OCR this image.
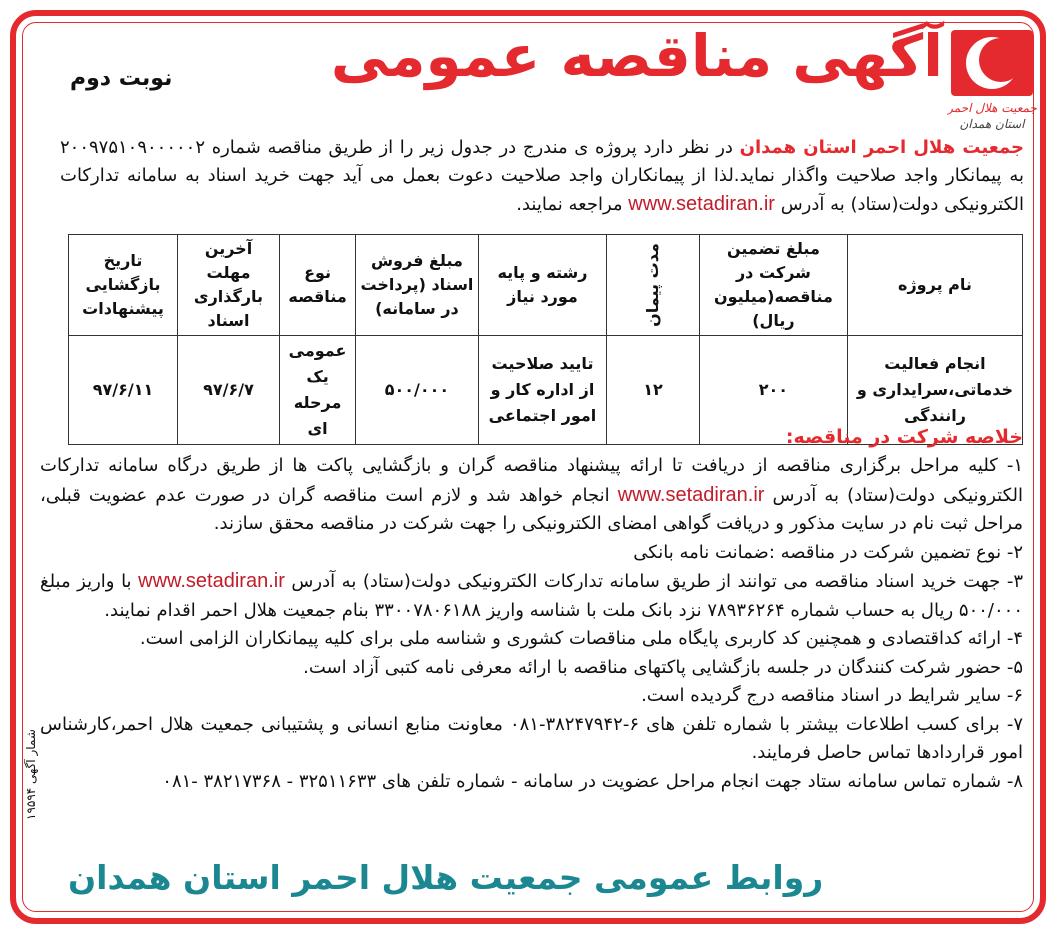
جمعیت هلال احمر
استان همدان
آگهی مناقصه عمومی
نوبت دوم
جمعیت هلال احمر استان همدان در نظر دارد پروژه ی مندرج در جدول زیر را از طریق مناقصه شماره ۲۰۰۹۷۵۱۰۹۰۰۰۰۰۲ به پیمانکار واجد صلاحیت واگذار نماید.لذا از پیمانکاران واجد صلاحیت دعوت بعمل می آید جهت خرید اسناد به سامانه تدارکات الکترونیکی دولت(ستاد) به آدرس www.setadiran.ir مراجعه نمایند.
نام پروژه	مبلغ تضمین شرکت در مناقصه(میلیون ریال)	مدت پیمان	رشته و پایه مورد نیاز	مبلغ فروش اسناد (پرداخت در سامانه)	نوع مناقصه	آخرین مهلت بارگذاری اسناد	تاریخ بازگشایی پیشنهادات
انجام فعالیت خدماتی،سرایداری و رانندگی	۲۰۰	۱۲	تایید صلاحیت از اداره کار و امور اجتماعی	۵۰۰/۰۰۰	عمومی یک مرحله ای	۹۷/۶/۷	۹۷/۶/۱۱
خلاصه شرکت در مناقصه:

۱- کلیه مراحل برگزاری مناقصه از دریافت تا ارائه پیشنهاد مناقصه گران و بازگشایی پاکت ها از طریق درگاه سامانه تدارکات الکترونیکی دولت(ستاد) به آدرس www.setadiran.ir انجام خواهد شد و لازم است مناقصه گران در صورت عدم عضویت قبلی، مراحل ثبت نام در سایت مذکور و دریافت گواهی امضای الکترونیکی را جهت شرکت در مناقصه محقق سازند.

۲- نوع تضمین شرکت در مناقصه :ضمانت نامه بانکی

۳- جهت خرید اسناد مناقصه می توانند از طریق سامانه تدارکات الکترونیکی دولت(ستاد) به آدرس www.setadiran.ir با واریز مبلغ ۵۰۰/۰۰۰ ریال به حساب شماره ۷۸۹۳۶۲۶۴ نزد بانک ملت با شناسه واریز ۳۳۰۰۷۸۰۶۱۸۸ بنام جمعیت هلال احمر اقدام نمایند.

۴- ارائه کداقتصادی و همچنین کد کاربری پایگاه ملی مناقصات کشوری و شناسه ملی برای کلیه پیمانکاران الزامی است.

۵- حضور شرکت کنندگان در جلسه بازگشایی پاکتهای مناقصه با ارائه معرفی نامه کتبی آزاد است.

۶- سایر شرایط در اسناد مناقصه درج گردیده است.

۷- برای کسب اطلاعات بیشتر با شماره تلفن های ۶-۳۸۲۴۷۹۴۲-۰۸۱ معاونت منابع انسانی و پشتیبانی جمعیت هلال احمر،کارشناس امور قراردادها تماس حاصل فرمایند.

۸- شماره تماس سامانه ستاد جهت انجام مراحل عضویت در سامانه - شماره تلفن های ۳۲۵۱۱۶۳۳ - ۳۸۲۱۷۳۶۸ -۰۸۱

روابط عمومی جمعیت هلال احمر استان همدان
شمار آگهی ۱۹۵۹۴
